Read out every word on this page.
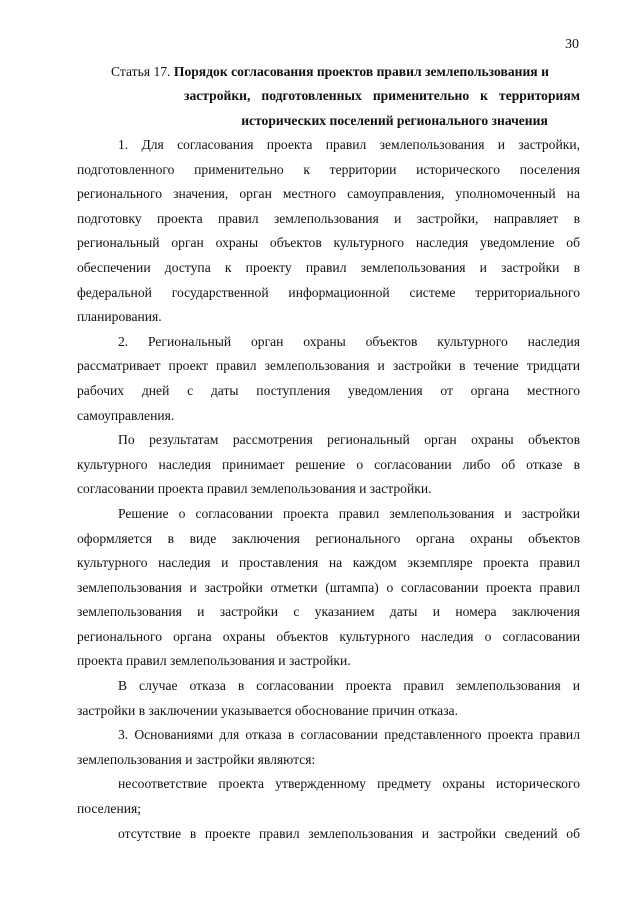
30
Статья 17. Порядок согласования проектов правил землепользования и
застройки, подготовленных применительно к территориям
исторических поселений регионального значения
1. Для согласования проекта правил землепользования и застройки,
подготовленного применительно к территории исторического поселения
регионального значения, орган местного самоуправления, уполномоченный на
подготовку проекта правил землепользования и застройки, направляет в
региональный орган охраны объектов культурного наследия уведомление об
обеспечении доступа к проекту правил землепользования и застройки в
федеральной государственной информационной системе территориального
планирования.
2. Региональный орган охраны объектов культурного наследия
рассматривает проект правил землепользования и застройки в течение тридцати
рабочих дней с даты поступления уведомления от органа местного
самоуправления.
По результатам рассмотрения региональный орган охраны объектов
культурного наследия принимает решение о согласовании либо об отказе в
согласовании проекта правил землепользования и застройки.
Решение о согласовании проекта правил землепользования и застройки
оформляется в виде заключения регионального органа охраны объектов
культурного наследия и проставления на каждом экземпляре проекта правил
землепользования и застройки отметки (штампа) о согласовании проекта правил
землепользования и застройки с указанием даты и номера заключения
регионального органа охраны объектов культурного наследия о согласовании
проекта правил землепользования и застройки.
В случае отказа в согласовании проекта правил землепользования и
застройки в заключении указывается обоснование причин отказа.
3. Основаниями для отказа в согласовании представленного проекта правил
землепользования и застройки являются:
несоответствие проекта утвержденному предмету охраны исторического
поселения;
отсутствие в проекте правил землепользования и застройки сведений об
